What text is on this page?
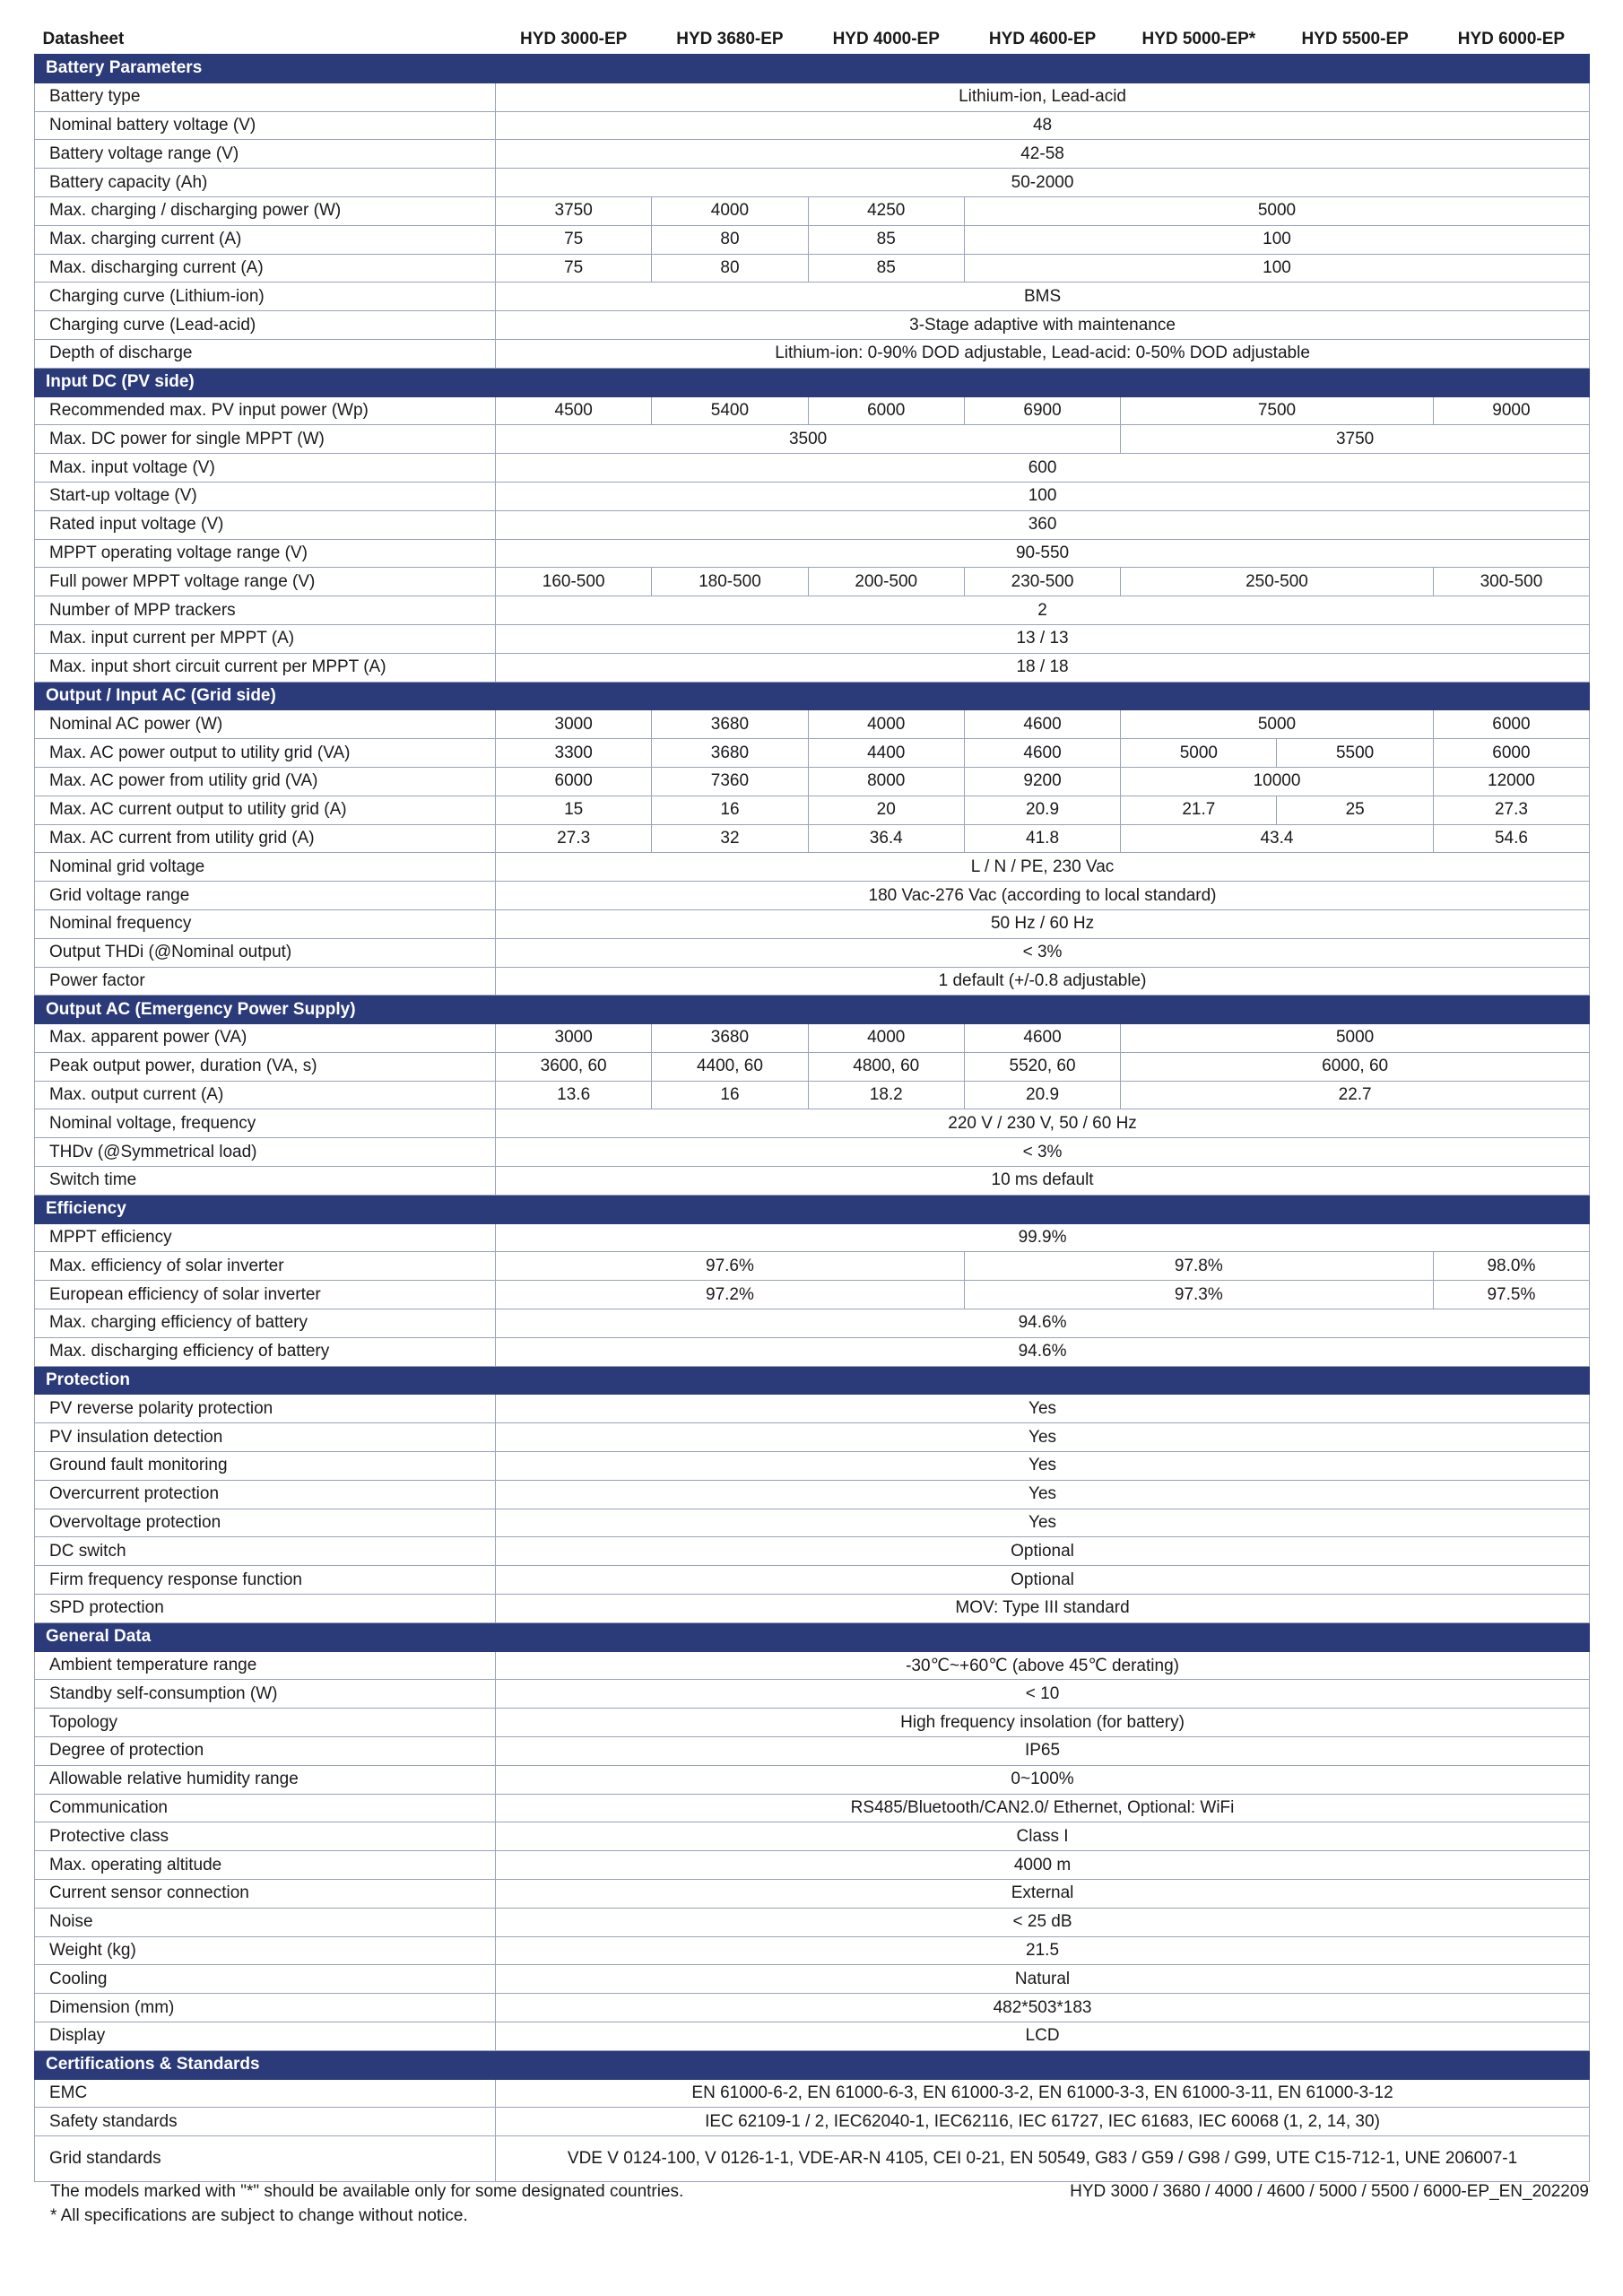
Datasheet	HYD 3000-EP	HYD 3680-EP	HYD 4000-EP	HYD 4600-EP	HYD 5000-EP*	HYD 5500-EP	HYD 6000-EP
Battery Parameters							
Battery type	Lithium-ion, Lead-acid						
Nominal battery voltage (V)	48						
Battery voltage range (V)	42-58						
Battery capacity (Ah)	50-2000						
Max. charging / discharging power (W)	3750	4000	4250	5000			
Max. charging current (A)	75	80	85	100			
Max. discharging current (A)	75	80	85	100			
Charging curve (Lithium-ion)	BMS						
Charging curve (Lead-acid)	3-Stage adaptive with maintenance						
Depth of discharge	Lithium-ion: 0-90% DOD adjustable, Lead-acid: 0-50% DOD adjustable						
Input DC (PV side)							
Recommended max. PV input power (Wp)	4500	5400	6000	6900	7500		9000
Max. DC power for single MPPT (W)	3500				3750		
Max. input voltage (V)	600						
Start-up voltage (V)	100						
Rated input voltage (V)	360						
MPPT operating voltage range (V)	90-550						
Full power MPPT voltage range (V)	160-500	180-500	200-500	230-500	250-500		300-500
Number of MPP trackers	2						
Max. input current per MPPT (A)	13 / 13						
Max. input short circuit current per MPPT (A)	18 / 18						
Output / Input AC (Grid side)							
Nominal AC power (W)	3000	3680	4000	4600	5000		6000
Max. AC power output to utility grid (VA)	3300	3680	4400	4600	5000	5500	6000
Max. AC power from utility grid (VA)	6000	7360	8000	9200	10000		12000
Max. AC current output to utility grid (A)	15	16	20	20.9	21.7	25	27.3
Max. AC current from utility grid (A)	27.3	32	36.4	41.8	43.4		54.6
Nominal grid voltage	L / N / PE, 230 Vac						
Grid voltage range	180 Vac-276 Vac (according to local standard)						
Nominal frequency	50 Hz / 60 Hz						
Output THDi (@Nominal output)	< 3%						
Power factor	1 default (+/-0.8 adjustable)						
Output AC (Emergency Power Supply)							
Max. apparent power (VA)	3000	3680	4000	4600	5000		
Peak output power, duration (VA, s)	3600, 60	4400, 60	4800, 60	5520, 60	6000, 60		
Max. output current (A)	13.6	16	18.2	20.9	22.7		
Nominal voltage, frequency	220 V / 230 V, 50 / 60 Hz						
THDv (@Symmetrical load)	< 3%						
Switch time	10 ms default						
Efficiency							
MPPT efficiency	99.9%						
Max. efficiency of solar inverter	97.6%			97.8%			98.0%
European efficiency of solar inverter	97.2%			97.3%			97.5%
Max. charging efficiency of battery	94.6%						
Max. discharging efficiency of battery	94.6%						
Protection							
PV reverse polarity protection	Yes						
PV insulation detection	Yes						
Ground fault monitoring	Yes						
Overcurrent protection	Yes						
Overvoltage protection	Yes						
DC switch	Optional						
Firm frequency response function	Optional						
SPD protection	MOV: Type III standard						
General Data							
Ambient temperature range	-30℃~+60℃ (above 45℃ derating)						
Standby self-consumption (W)	< 10						
Topology	High frequency insolation (for battery)						
Degree of protection	IP65						
Allowable relative humidity range	0~100%						
Communication	RS485/Bluetooth/CAN2.0/ Ethernet, Optional: WiFi						
Protective class	Class I						
Max. operating altitude	4000 m						
Current sensor connection	External						
Noise	< 25 dB						
Weight (kg)	21.5						
Cooling	Natural						
Dimension (mm)	482*503*183						
Display	LCD						
Certifications & Standards							
EMC	EN 61000-6-2, EN 61000-6-3, EN 61000-3-2, EN 61000-3-3, EN 61000-3-11, EN 61000-3-12						
Safety standards	IEC 62109-1 / 2, IEC62040-1, IEC62116, IEC 61727, IEC 61683, IEC 60068 (1, 2, 14, 30)						
Grid standards	VDE V 0124-100, V 0126-1-1, VDE-AR-N 4105, CEI 0-21, EN 50549, G83 / G59 / G98 / G99, UTE C15-712-1, UNE 206007-1						
The models marked with "*" should be available only for some designated countries.
* All specifications are subject to change without notice.
HYD 3000 / 3680 / 4000 / 4600 / 5000 / 5500 / 6000-EP_EN_202209
